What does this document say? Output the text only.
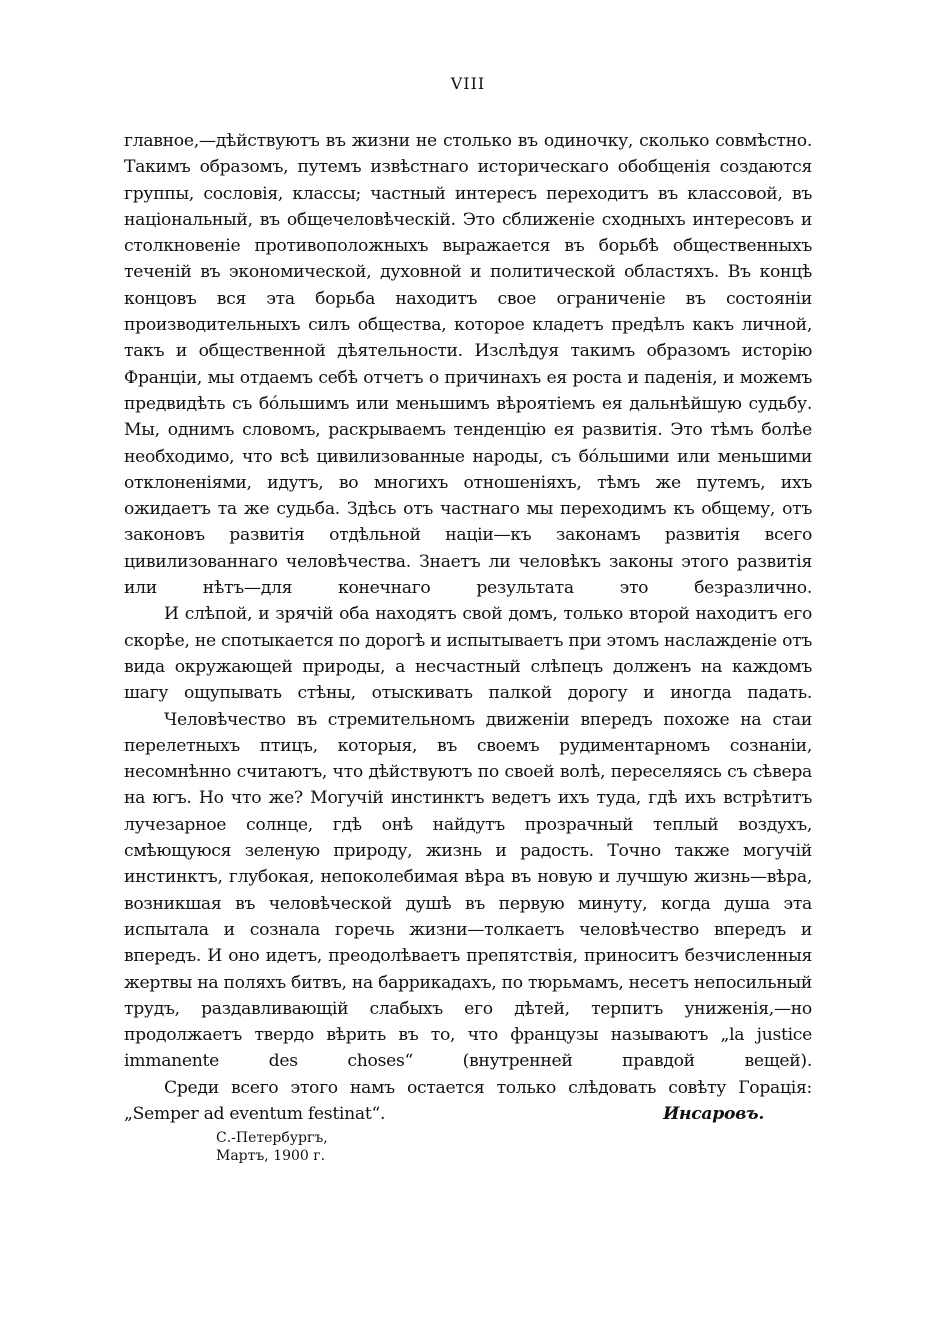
VIII

главное,—дѣйствуютъ въ жизни не столько въ одиночку, сколько совмѣстно. Такимъ образомъ, путемъ извѣстнаго историческаго обобщенія создаются группы, сословія, классы; частный интересъ переходитъ въ классовой, въ національный, въ общечеловѣческій. Это сближеніе сходныхъ интересовъ и столкновеніе противоположныхъ выражается въ борьбѣ общественныхъ теченій въ экономической, духовной и политической областяхъ. Въ концѣ концовъ вся эта борьба находитъ свое ограниченіе въ состояніи производительныхъ силъ общества, которое кладетъ предѣлъ какъ личной, такъ и общественной дѣятельности. Изслѣдуя такимъ образомъ исторію Франціи, мы отдаемъ себѣ отчетъ о причинахъ ея роста и паденія, и можемъ предвидѣть съ бóльшимъ или меньшимъ вѣроятіемъ ея дальнѣйшую судьбу. Мы, однимъ словомъ, раскрываемъ тенденцію ея развитія. Это тѣмъ болѣе необходимо, что всѣ цивилизованные народы, съ бóльшими или меньшими отклоненіями, идутъ, во многихъ отношеніяхъ, тѣмъ же путемъ, ихъ ожидаетъ та же судьба. Здѣсь отъ частнаго мы переходимъ къ общему, отъ законовъ развитія отдѣльной націи—къ законамъ развитія всего цивилизованнаго человѣчества. Знаетъ ли человѣкъ законы этого развитія или нѣтъ—для конечнаго результата это безразлично.

И слѣпой, и зрячій оба находятъ свой домъ, только второй находитъ его скорѣе, не спотыкается по дорогѣ и испытываетъ при этомъ наслажденіе отъ вида окружающей природы, а несчастный слѣпецъ долженъ на каждомъ шагу ощупывать стѣны, отыскивать палкой дорогу и иногда падать.

Человѣчество въ стремительномъ движеніи впередъ похоже на стаи перелетныхъ птицъ, которыя, въ своемъ рудиментарномъ сознаніи, несомнѣнно считаютъ, что дѣйствуютъ по своей волѣ, переселяясь съ сѣвера на югъ. Но что же? Могучій инстинктъ ведетъ ихъ туда, гдѣ ихъ встрѣтитъ лучезарное солнце, гдѣ онѣ найдутъ прозрачный теплый воздухъ, смѣющуюся зеленую природу, жизнь и радость. Точно также могучій инстинктъ, глубокая, непоколебимая вѣра въ новую и лучшую жизнь—вѣра, возникшая въ человѣческой душѣ въ первую минуту, когда душа эта испытала и сознала горечь жизни—толкаетъ человѣчество впередъ и впередъ. И оно идетъ, преодолѣваетъ препятствія, приноситъ безчисленныя жертвы на поляхъ битвъ, на баррикадахъ, по тюрьмамъ, несетъ непосильный трудъ, раздавливающій слабыхъ его дѣтей, терпитъ униженія,—но продолжаетъ твердо вѣрить въ то, что французы называютъ „la justice immanente des choses“ (внутренней правдой вещей).

Среди всего этого намъ остается только слѣдовать совѣту Горація:

„Semper ad eventum festinat“.	Инсаровъ.
С.-Петербургъ,
Мартъ, 1900 г.
